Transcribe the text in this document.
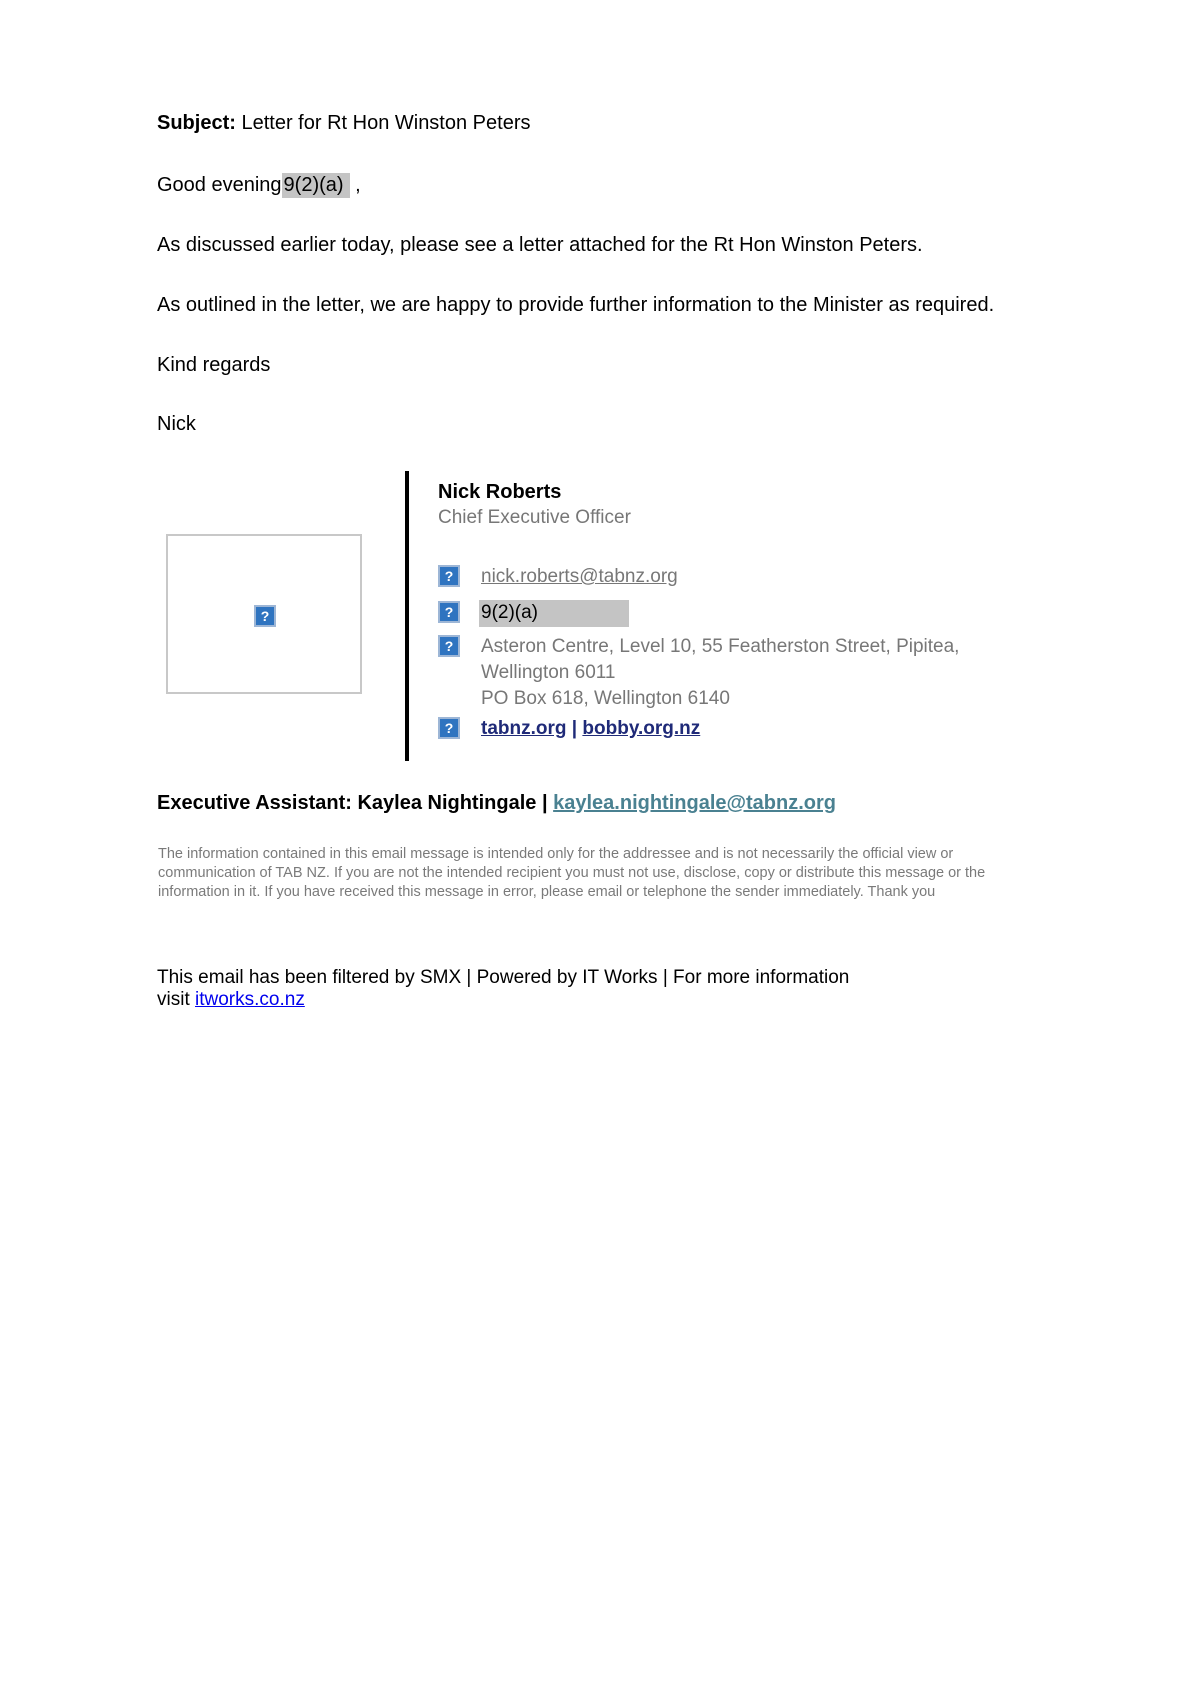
Subject: Letter for Rt Hon Winston Peters
Good evening 9(2)(a) ,
As discussed earlier today, please see a letter attached for the Rt Hon Winston Peters.
As outlined in the letter, we are happy to provide further information to the Minister as required.
Kind regards
Nick
?
Nick Roberts
Chief Executive Officer
?	nick.roberts@tabnz.org
?	9(2)(a)
?	Asteron Centre, Level 10, 55 Featherston Street, Pipitea,
Wellington 6011
PO Box 618, Wellington 6140
?	tabnz.org | bobby.org.nz
Executive Assistant: Kaylea Nightingale | kaylea.nightingale@tabnz.org
The information contained in this email message is intended only for the addressee and is not necessarily the official view or
communication of TAB NZ. If you are not the intended recipient you must not use, disclose, copy or distribute this message or the
information in it. If you have received this message in error, please email or telephone the sender immediately. Thank you
This email has been filtered by SMX | Powered by IT Works | For more information
visit itworks.co.nz
